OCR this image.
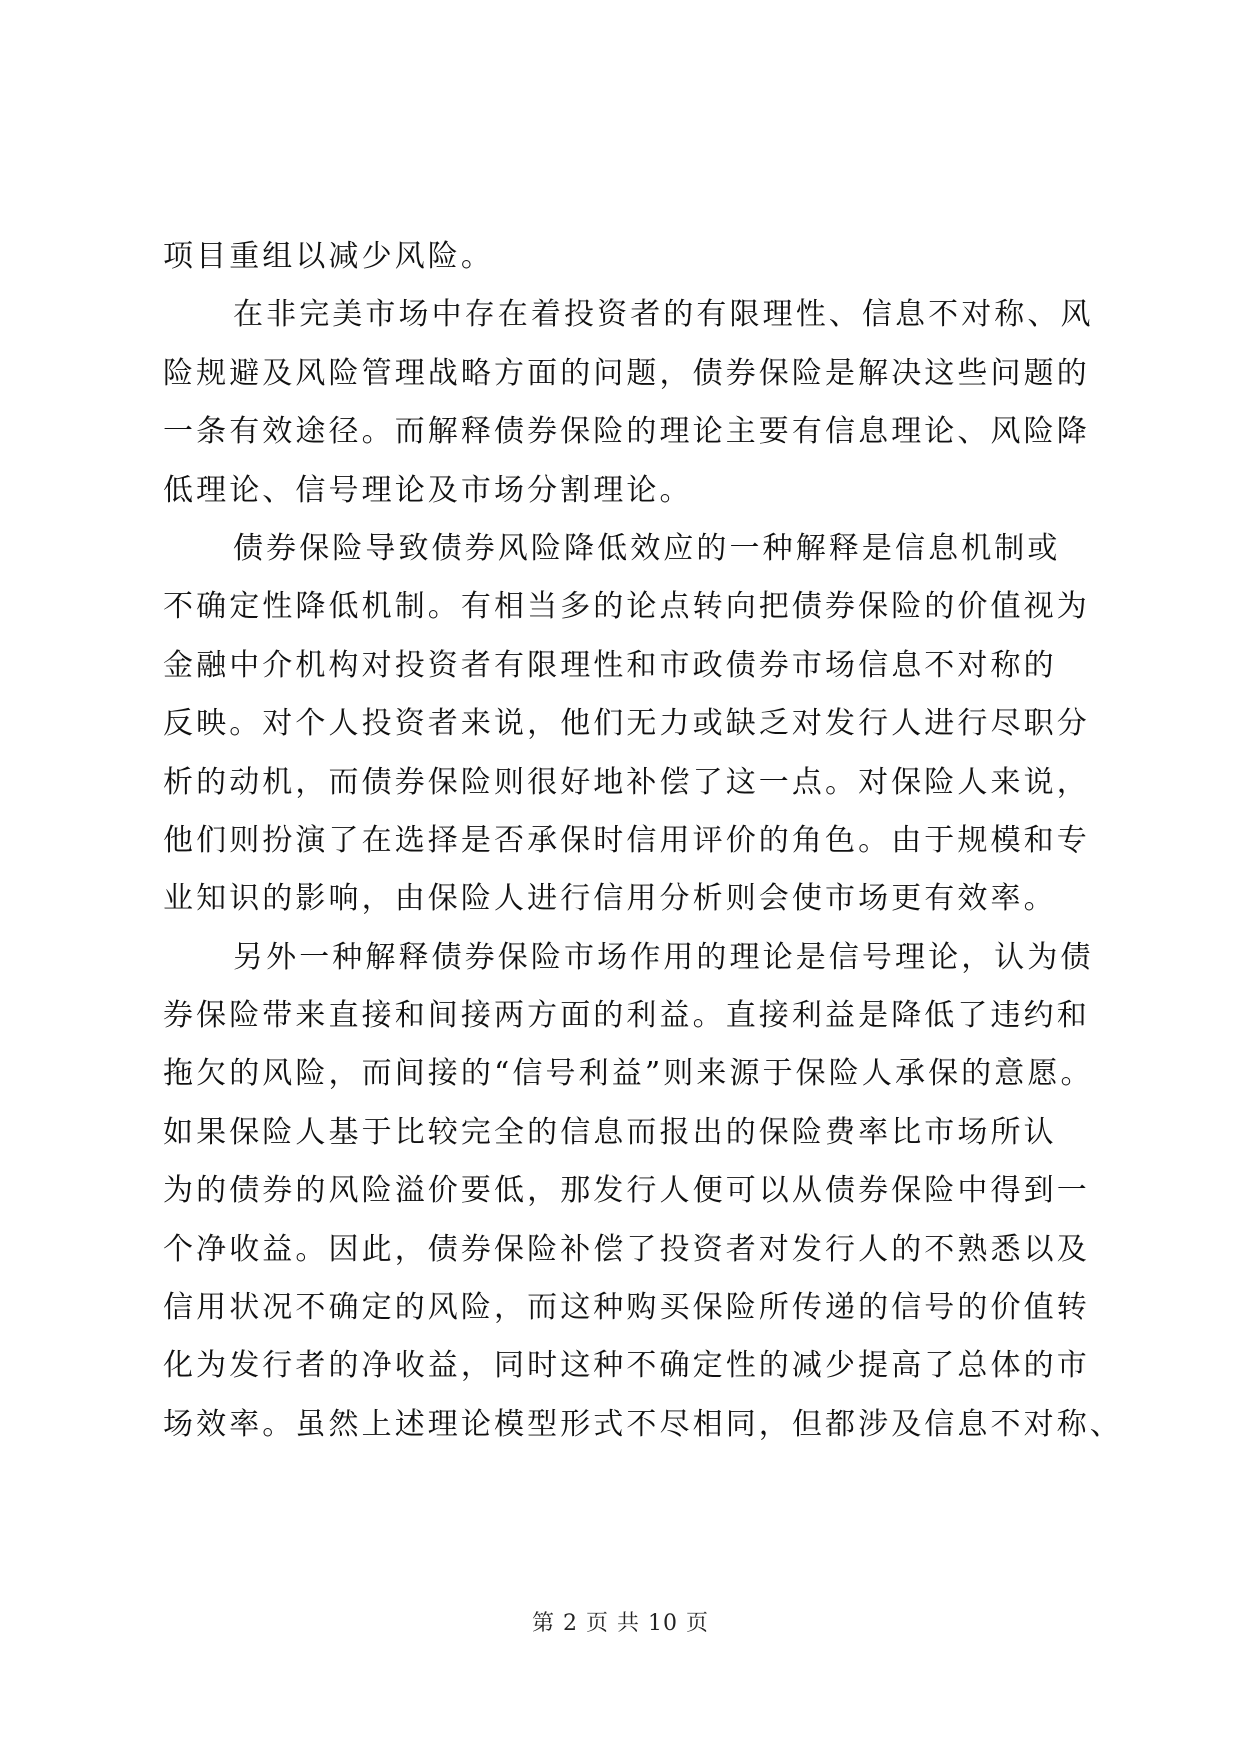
项目重组以减少风险。
在非完美市场中存在着投资者的有限理性、信息不对称、风
险规避及风险管理战略方面的问题，债券保险是解决这些问题的
一条有效途径。而解释债券保险的理论主要有信息理论、风险降
低理论、信号理论及市场分割理论。
债券保险导致债券风险降低效应的一种解释是信息机制或
不确定性降低机制。有相当多的论点转向把债券保险的价值视为
金融中介机构对投资者有限理性和市政债券市场信息不对称的
反映。对个人投资者来说，他们无力或缺乏对发行人进行尽职分
析的动机，而债券保险则很好地补偿了这一点。对保险人来说，
他们则扮演了在选择是否承保时信用评价的角色。由于规模和专
业知识的影响，由保险人进行信用分析则会使市场更有效率。
另外一种解释债券保险市场作用的理论是信号理论，认为债
券保险带来直接和间接两方面的利益。直接利益是降低了违约和
拖欠的风险，而间接的“信号利益”则来源于保险人承保的意愿。
如果保险人基于比较完全的信息而报出的保险费率比市场所认
为的债券的风险溢价要低，那发行人便可以从债券保险中得到一
个净收益。因此，债券保险补偿了投资者对发行人的不熟悉以及
信用状况不确定的风险，而这种购买保险所传递的信号的价值转
化为发行者的净收益，同时这种不确定性的减少提高了总体的市
场效率。虽然上述理论模型形式不尽相同，但都涉及信息不对称、
第 2 页 共 10 页
